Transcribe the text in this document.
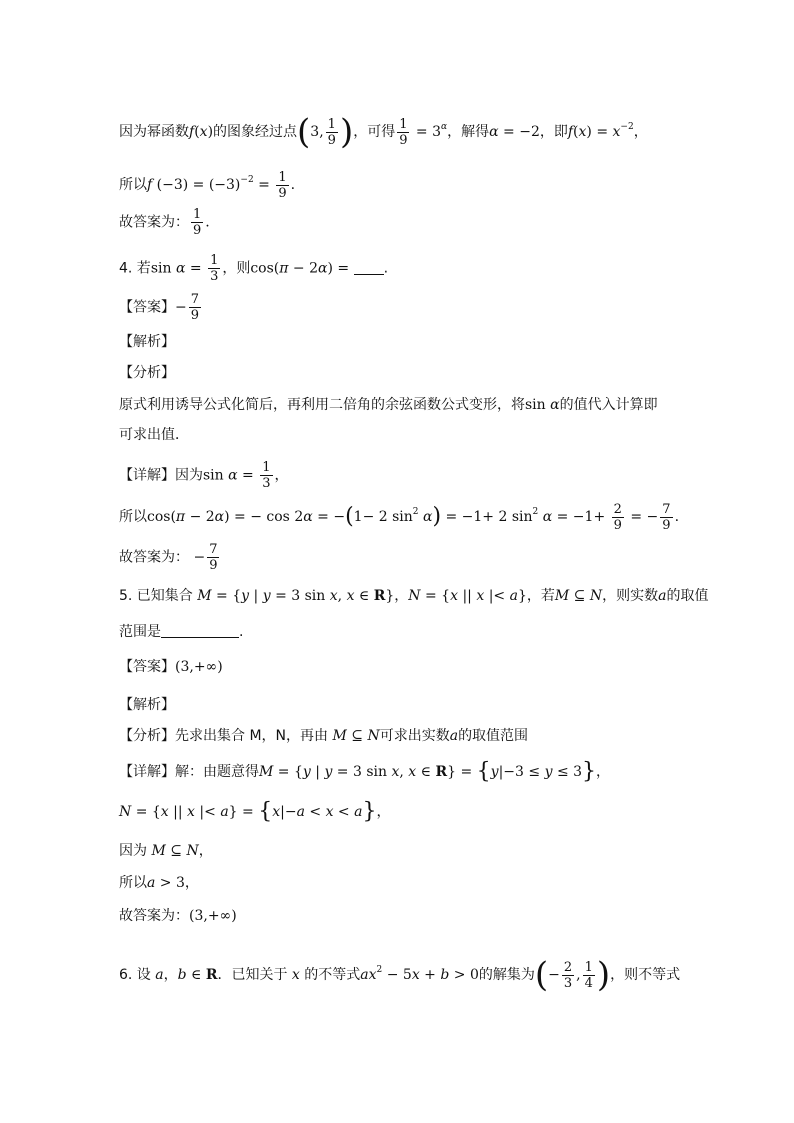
因为幂函数f(x)的图象经过点(3, $\frac{1}{9}$ )，可得 $\frac{1}{9} = 3^\alpha$，解得α = −2，即$f(x) = x^{-2}$，
所以f $(-3) = (-3)^{-2} = \frac{1}{9}$ .
故答案为： $\frac{1}{9}$ .
4. 若$\sin \alpha = \frac{1}{3}$ ，则cos(π − 2α) = .
【答案】− $\frac{7}{9}$
【解析】
【分析】
原式利用诱导公式化简后，再利用二倍角的余弦函数公式变形，将sin α的值代入计算即
可求出值．
【详解】因为$\sin \alpha = \frac{1}{3}$ ，
所以cos(π − 2α) = − cos 2α = −(1− 2 $\sin^2 \alpha) = -1+ 2$ $\sin^2 \alpha = -1+ \frac{2}{9}$ = − $\frac{7}{9}$ .
故答案为： − $\frac{7}{9}$
5. 已知集合 M = {y | y = 3 sin x, x ∈ R}，N = {x || x |< a}，若M ⊆ N，则实数a的取值
范围是	.
【答案】(3,+∞)
【解析】
【分析】先求出集合 M，N，再由 M ⊆ N可求出实数a的取值范围
【详解】解：由题意得M = {y | y = 3 sin x, x ∈ R} = {y|−3 ≤ y ≤ 3}，
N = {x || x |< a} = {x|−a < x < a}，
因为 M ⊆ N，
所以a > 3，
故答案为：(3,+∞)
6. 设 a，b ∈ R．已知关于 x 的不等式$ax^2 - 5x + b > 0$的解集为(− $\frac{2}{3}$ , $\frac{1}{4}$ )，则不等式
